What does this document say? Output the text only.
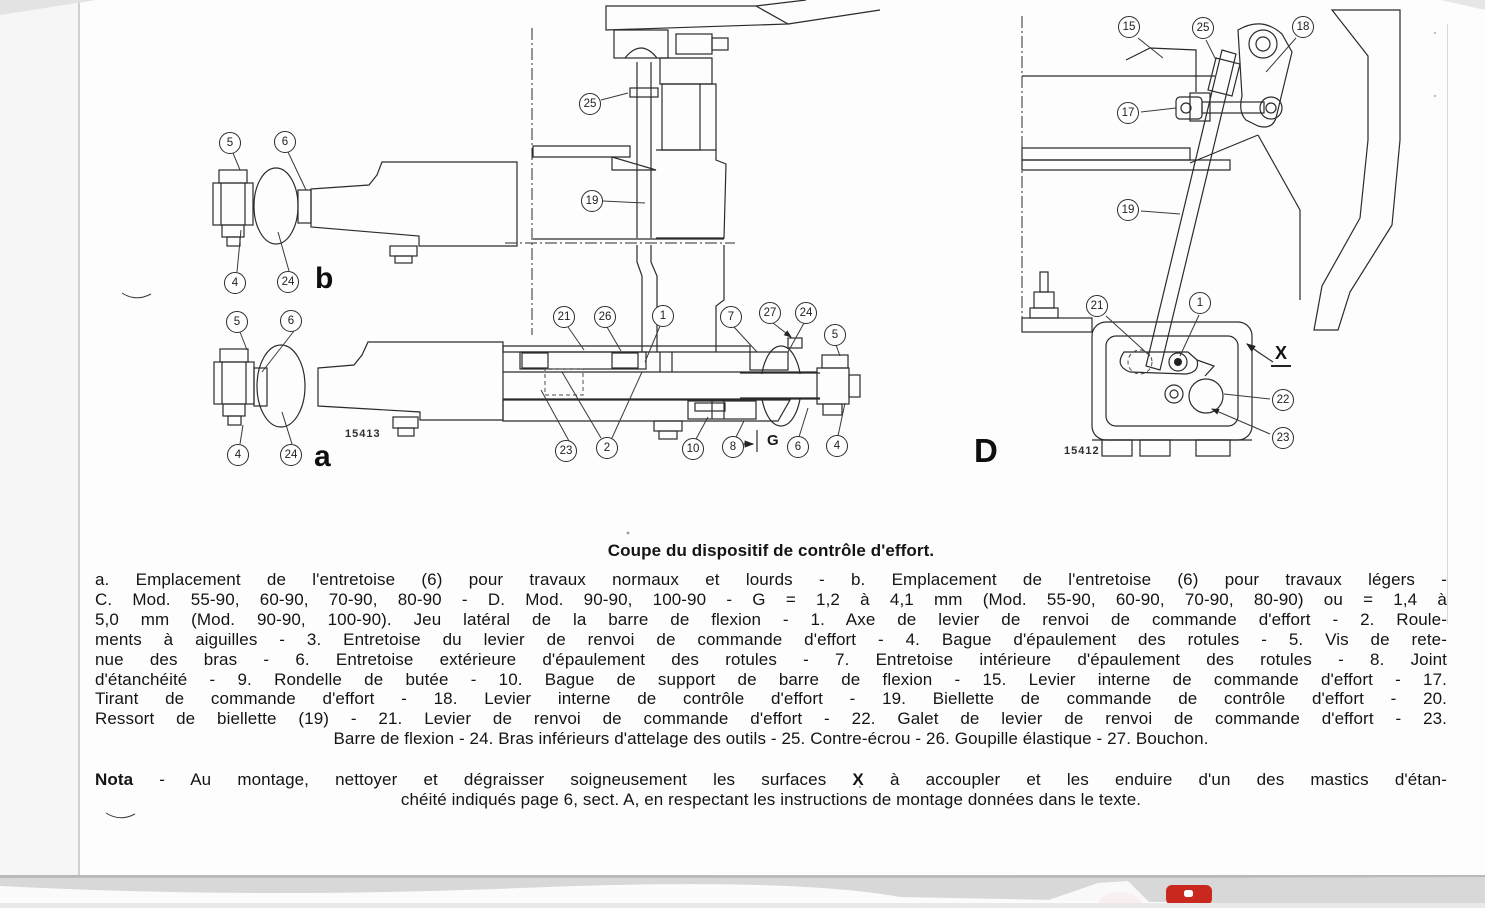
5	6
4	24
5	6
4	24
25
19
21	26	1	7	27	24
5
23	2	10	8	6	4
15	25	18
17
19
21	1
22
23
b
a	D
15413
15412
G
X
Coupe du dispositif de contrôle d'effort.
a. Emplacement de l'entretoise (6) pour travaux normaux et lourds - b. Emplacement de l'entretoise (6) pour travaux légers -
C. Mod. 55-90, 60-90, 70-90, 80-90 - D. Mod. 90-90, 100-90 - G = 1,2 à 4,1 mm (Mod. 55-90, 60-90, 70-90, 80-90) ou = 1,4 à
5,0 mm (Mod. 90-90, 100-90). Jeu latéral de la barre de flexion - 1. Axe de levier de renvoi de commande d'effort - 2. Roule-
ments à aiguilles - 3. Entretoise du levier de renvoi de commande d'effort - 4. Bague d'épaulement des rotules - 5. Vis de rete-
nue des bras - 6. Entretoise extérieure d'épaulement des rotules - 7. Entretoise intérieure d'épaulement des rotules - 8. Joint
d'étanchéité - 9. Rondelle de butée - 10. Bague de support de barre de flexion - 15. Levier interne de commande d'effort - 17.
Tirant de commande d'effort - 18. Levier interne de contrôle d'effort - 19. Biellette de commande de contrôle d'effort - 20.
Ressort de biellette (19) - 21. Levier de renvoi de commande d'effort - 22. Galet de levier de renvoi de commande d'effort - 23.
Barre de flexion - 24. Bras inférieurs d'attelage des outils - 25. Contre-écrou - 26. Goupille élastique - 27. Bouchon.
Nota - Au montage, nettoyer et dégraisser soigneusement les surfaces X à accoupler et les enduire d'un des mastics d'étan-
chéité indiqués page 6, sect. A, en respectant les instructions de montage données dans le texte.
